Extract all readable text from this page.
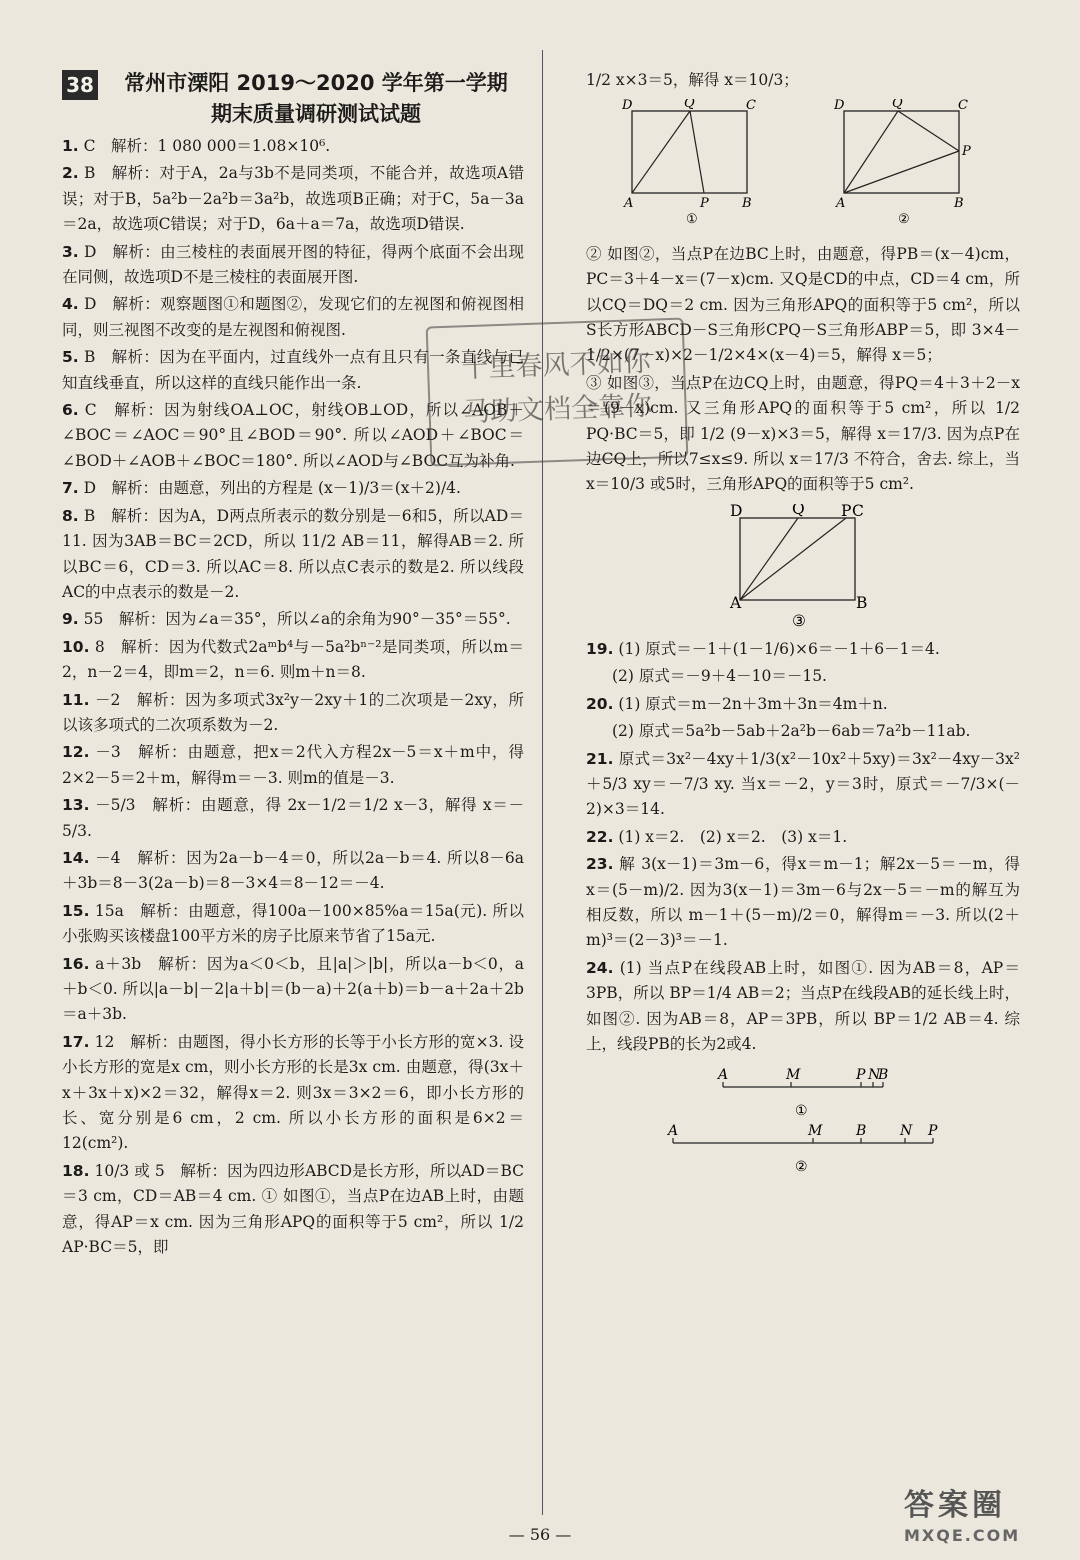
38	常州市溧阳 2019～2020 学年第一学期
期末质量调研测试试题
1. C　解析：1 080 000＝1.08×10⁶.
2. B　解析：对于A，2a与3b不是同类项，不能合并，故选项A错误；对于B，5a²b－2a²b＝3a²b，故选项B正确；对于C，5a－3a＝2a，故选项C错误；对于D，6a＋a＝7a，故选项D错误.
3. D　解析：由三棱柱的表面展开图的特征，得两个底面不会出现在同侧，故选项D不是三棱柱的表面展开图.
4. D　解析：观察题图①和题图②，发现它们的左视图和俯视图相同，则三视图不改变的是左视图和俯视图.
5. B　解析：因为在平面内，过直线外一点有且只有一条直线与已知直线垂直，所以这样的直线只能作出一条.
6. C　解析：因为射线OA⊥OC，射线OB⊥OD，所以∠AOB＋∠BOC＝∠AOC＝90°且∠BOD＝90°. 所以∠AOD＋∠BOC＝∠BOD＋∠AOB＋∠BOC＝180°. 所以∠AOD与∠BOC互为补角.
7. D　解析：由题意，列出的方程是 (x－1)/3＝(x＋2)/4.
8. B　解析：因为A，D两点所表示的数分别是－6和5，所以AD＝11. 因为3AB＝BC＝2CD，所以 11/2 AB＝11，解得AB＝2. 所以BC＝6，CD＝3. 所以AC＝8. 所以点C表示的数是2. 所以线段AC的中点表示的数是－2.
9. 55　解析：因为∠a＝35°，所以∠a的余角为90°－35°＝55°.
10. 8　解析：因为代数式2aᵐb⁴与－5a²bⁿ⁻²是同类项，所以m＝2，n－2＝4，即m＝2，n＝6. 则m＋n＝8.
11. －2　解析：因为多项式3x²y－2xy＋1的二次项是－2xy，所以该多项式的二次项系数为－2.
12. －3　解析：由题意，把x＝2代入方程2x－5＝x＋m中，得2×2－5＝2＋m，解得m＝－3. 则m的值是－3.
13. －5/3　解析：由题意，得 2x－1/2＝1/2 x－3，解得 x＝－5/3.
14. －4　解析：因为2a－b－4＝0，所以2a－b＝4. 所以8－6a＋3b＝8－3(2a－b)＝8－3×4＝8－12＝－4.
15. 15a　解析：由题意，得100a－100×85%a＝15a(元). 所以小张购买该楼盘100平方米的房子比原来节省了15a元.
16. a＋3b　解析：因为a＜0＜b，且|a|＞|b|，所以a－b＜0，a＋b＜0. 所以|a－b|－2|a＋b|＝(b－a)＋2(a＋b)＝b－a＋2a＋2b＝a＋3b.
17. 12　解析：由题图，得小长方形的长等于小长方形的宽×3. 设小长方形的宽是x cm，则小长方形的长是3x cm. 由题意，得(3x＋x＋3x＋x)×2＝32，解得x＝2. 则3x＝3×2＝6，即小长方形的长、宽分别是6 cm，2 cm. 所以小长方形的面积是6×2＝12(cm²).
18. 10/3 或 5　解析：因为四边形ABCD是长方形，所以AD＝BC＝3 cm，CD＝AB＝4 cm. ① 如图①，当点P在边AB上时，由题意，得AP＝x cm. 因为三角形APQ的面积等于5 cm²，所以 1/2 AP·BC＝5，即
1/2 x×3＝5，解得 x＝10/3；
D	Q	C
A	P	B
①
D	Q	C
P
A	B
②
② 如图②，当点P在边BC上时，由题意，得PB＝(x－4)cm，PC＝3＋4－x＝(7－x)cm. 又Q是CD的中点，CD＝4 cm，所以CQ＝DQ＝2 cm. 因为三角形APQ的面积等于5 cm²，所以 S长方形ABCD－S三角形CPQ－S三角形ABP＝5，即 3×4－1/2×(7－x)×2－1/2×4×(x－4)＝5，解得 x＝5；
③ 如图③，当点P在边CQ上时，由题意，得PQ＝4＋3＋2－x＝(9－x)cm. 又三角形APQ的面积等于5 cm²，所以 1/2 PQ·BC＝5，即 1/2 (9－x)×3＝5，解得 x＝17/3. 因为点P在边CQ上，所以7≤x≤9. 所以 x＝17/3 不符合，舍去. 综上，当 x＝10/3 或5时，三角形APQ的面积等于5 cm².
D	Q P C
A	B
③
19. (1) 原式＝－1＋(1－1/6)×6＝－1＋6－1＝4.
(2) 原式＝－9＋4－10＝－15.
20. (1) 原式＝m－2n＋3m＋3n＝4m＋n.
(2) 原式＝5a²b－5ab＋2a²b－6ab＝7a²b－11ab.
21. 原式＝3x²－4xy＋1/3(x²－10x²＋5xy)＝3x²－4xy－3x²＋5/3 xy＝－7/3 xy. 当x＝－2，y＝3时，原式＝－7/3×(－2)×3＝14.
22. (1) x＝2.　(2) x＝2.　(3) x＝1.
23. 解 3(x－1)＝3m－6，得x＝m－1；解2x－5＝－m，得 x＝(5－m)/2. 因为3(x－1)＝3m－6与2x－5＝－m的解互为相反数，所以 m－1＋(5－m)/2＝0，解得m＝－3. 所以(2＋m)³＝(2－3)³＝－1.
24. (1) 当点P在线段AB上时，如图①. 因为AB＝8，AP＝3PB，所以 BP＝1/4 AB＝2；当点P在线段AB的延长线上时，如图②. 因为AB＝8，AP＝3PB，所以 BP＝1/2 AB＝4. 综上，线段PB的长为2或4.
A	M	P N
B
①
A	M B N P
②
十里春风不如你
马助文档全靠你
— 56 —
答案圈
MXQE.COM
